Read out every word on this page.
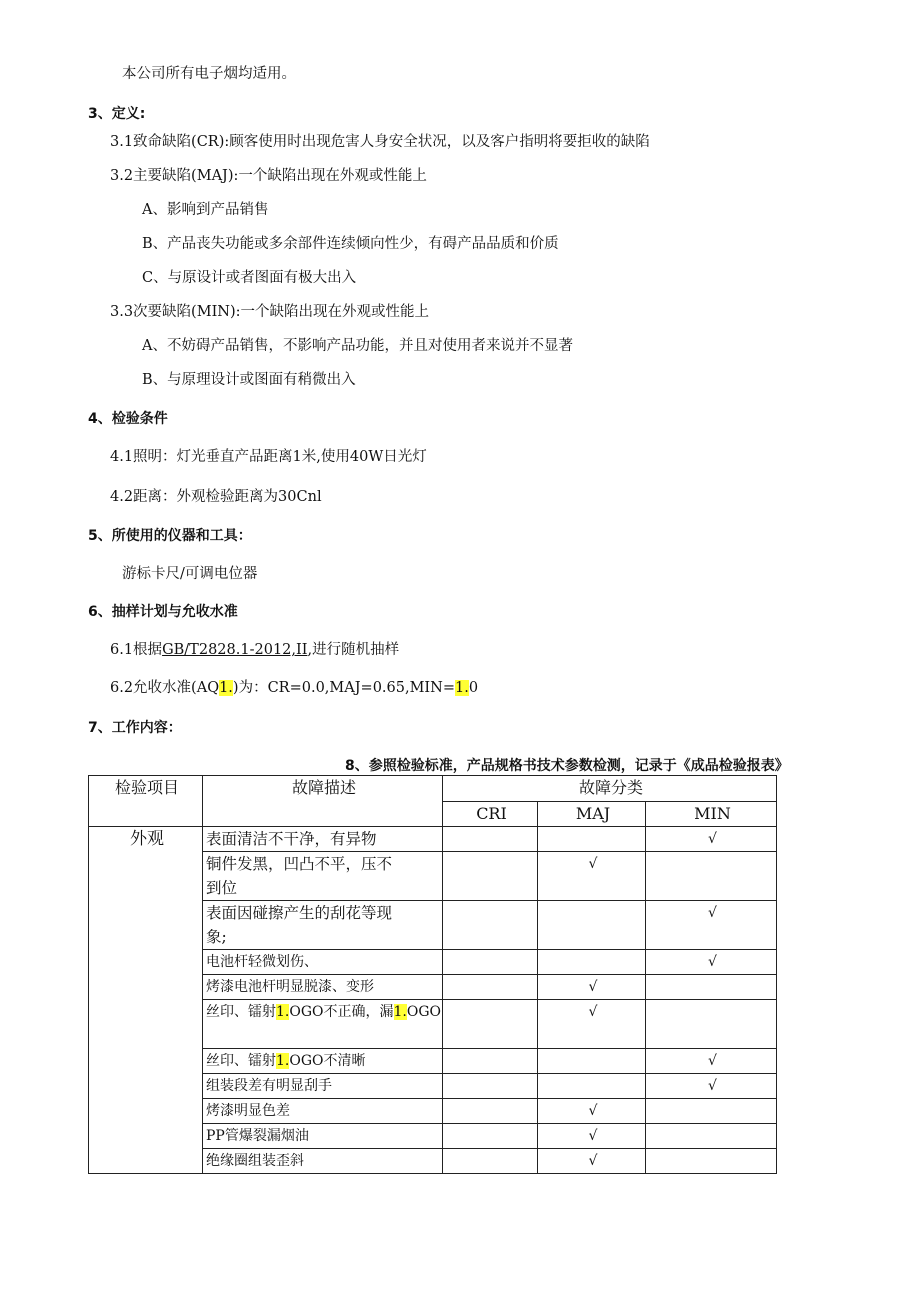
本公司所有电子烟均适用。
3、定义:
3.1致命缺陷(CR):顾客使用时出现危害人身安全状况，以及客户指明将要拒收的缺陷
3.2主要缺陷(MAJ):一个缺陷出现在外观或性能上
A、影响到产品销售
B、产品丧失功能或多余部件连续倾向性少，有碍产品品质和价质
C、与原设计或者图面有极大出入
3.3次要缺陷(MIN):一个缺陷出现在外观或性能上
A、不妨碍产品销售，不影响产品功能，并且对使用者来说并不显著
B、与原理设计或图面有稍微出入
4、检验条件
4.1照明：灯光垂直产品距离1米,使用40W日光灯
4.2距离：外观检验距离为30Cnl
5、所使用的仪器和工具：
游标卡尺/可调电位器
6、抽样计划与允收水准
6.1根据GB/T2828.1-2012,II,进行随机抽样
6.2允收水准(AQ1.)为：CR=0.0,MAJ=0.65,MIN=1.0
7、工作内容：
8、参照检验标准，产品规格书技术参数检测，记录于《成品检验报表》
检验项目	故障描述	故障分类		
		CRI	MAJ	MIN
外观	表面清洁不干净，有异物			√

	铜件发黑，凹凸不平，压不
到位		√	

	表面因碰擦产生的刮花等现
象;			√
	电池杆轻微划伤、			√
	烤漆电池杆明显脱漆、变形		√	
	丝印、镭射1.OGO不正确，漏1.OGO		√	
	丝印、镭射1.OGO不清晰			√
	组装段差有明显刮手			√
	烤漆明显色差		√	
	PP管爆裂漏烟油		√	
	绝缘圈组装歪斜		√	
